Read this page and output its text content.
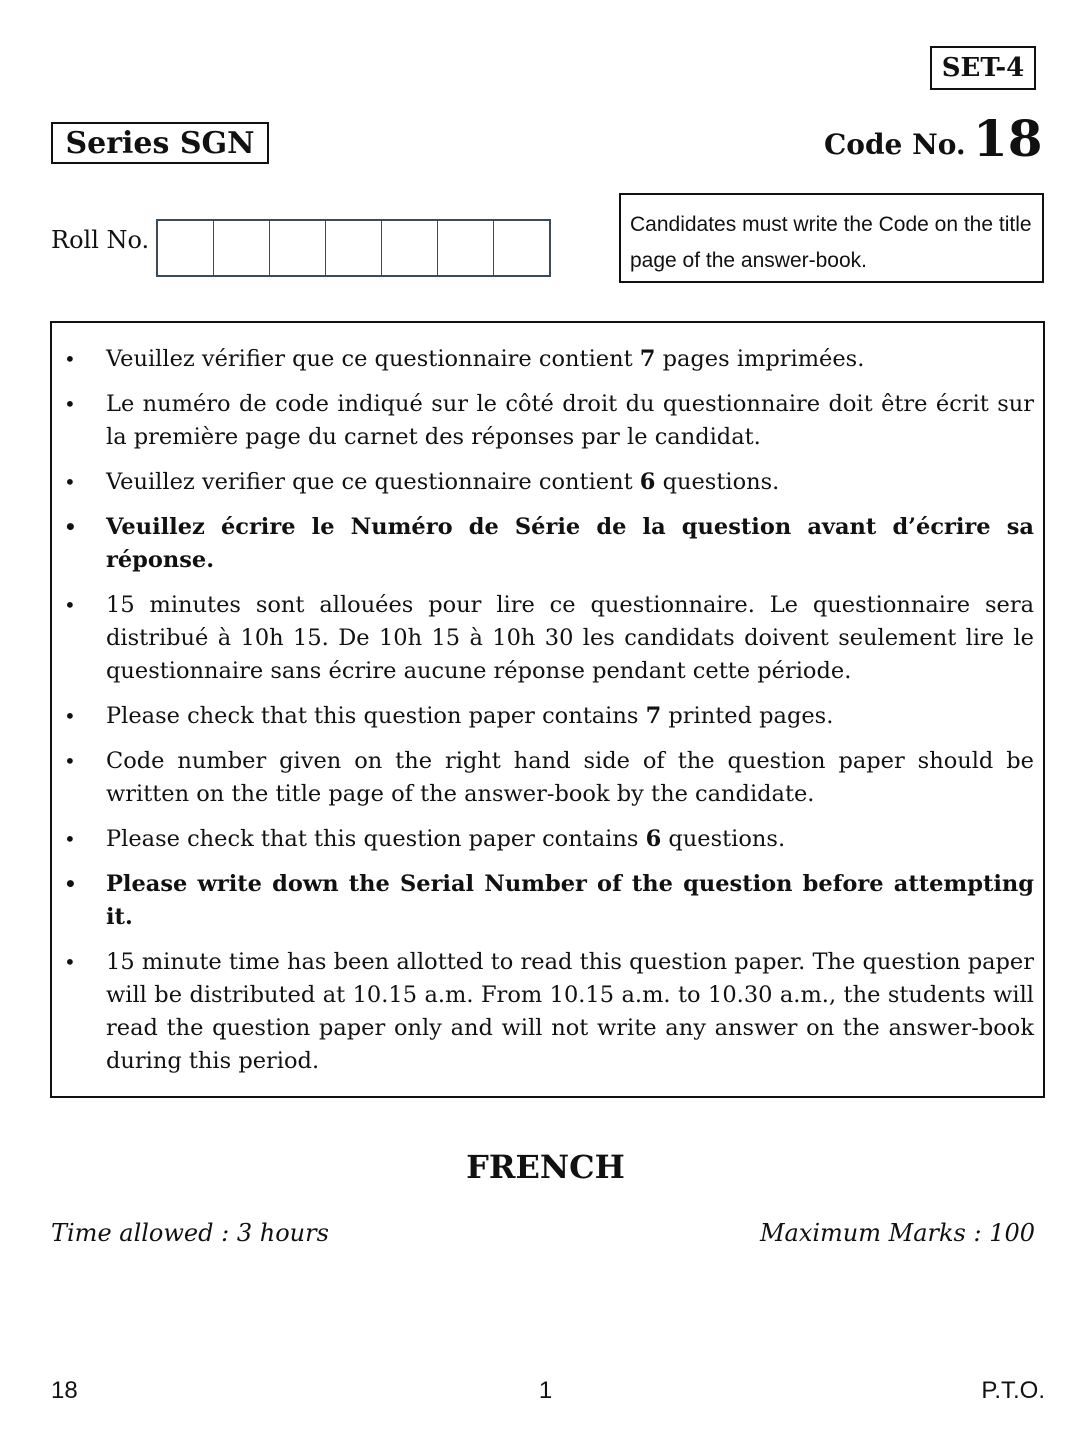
SET-4
Series SGN	Code No. 18
Roll No.
Candidates must write the Code on the title page of the answer-book.
• Veuillez vérifier que ce questionnaire contient 7 pages imprimées.
• Le numéro de code indiqué sur le côté droit du questionnaire doit être écrit sur la première page du carnet des réponses par le candidat.
• Veuillez verifier que ce questionnaire contient 6 questions.
• Veuillez écrire le Numéro de Série de la question avant d’écrire sa réponse.
• 15 minutes sont allouées pour lire ce questionnaire. Le questionnaire sera distribué à 10h 15. De 10h 15 à 10h 30 les candidats doivent seulement lire le questionnaire sans écrire aucune réponse pendant cette période.
• Please check that this question paper contains 7 printed pages.
• Code number given on the right hand side of the question paper should be written on the title page of the answer-book by the candidate.
• Please check that this question paper contains 6 questions.
• Please write down the Serial Number of the question before attempting it.
• 15 minute time has been allotted to read this question paper. The question paper will be distributed at 10.15 a.m. From 10.15 a.m. to 10.30 a.m., the students will read the question paper only and will not write any answer on the answer-book during this period.
FRENCH
Time allowed : 3 hours	Maximum Marks : 100
18	1	P.T.O.
